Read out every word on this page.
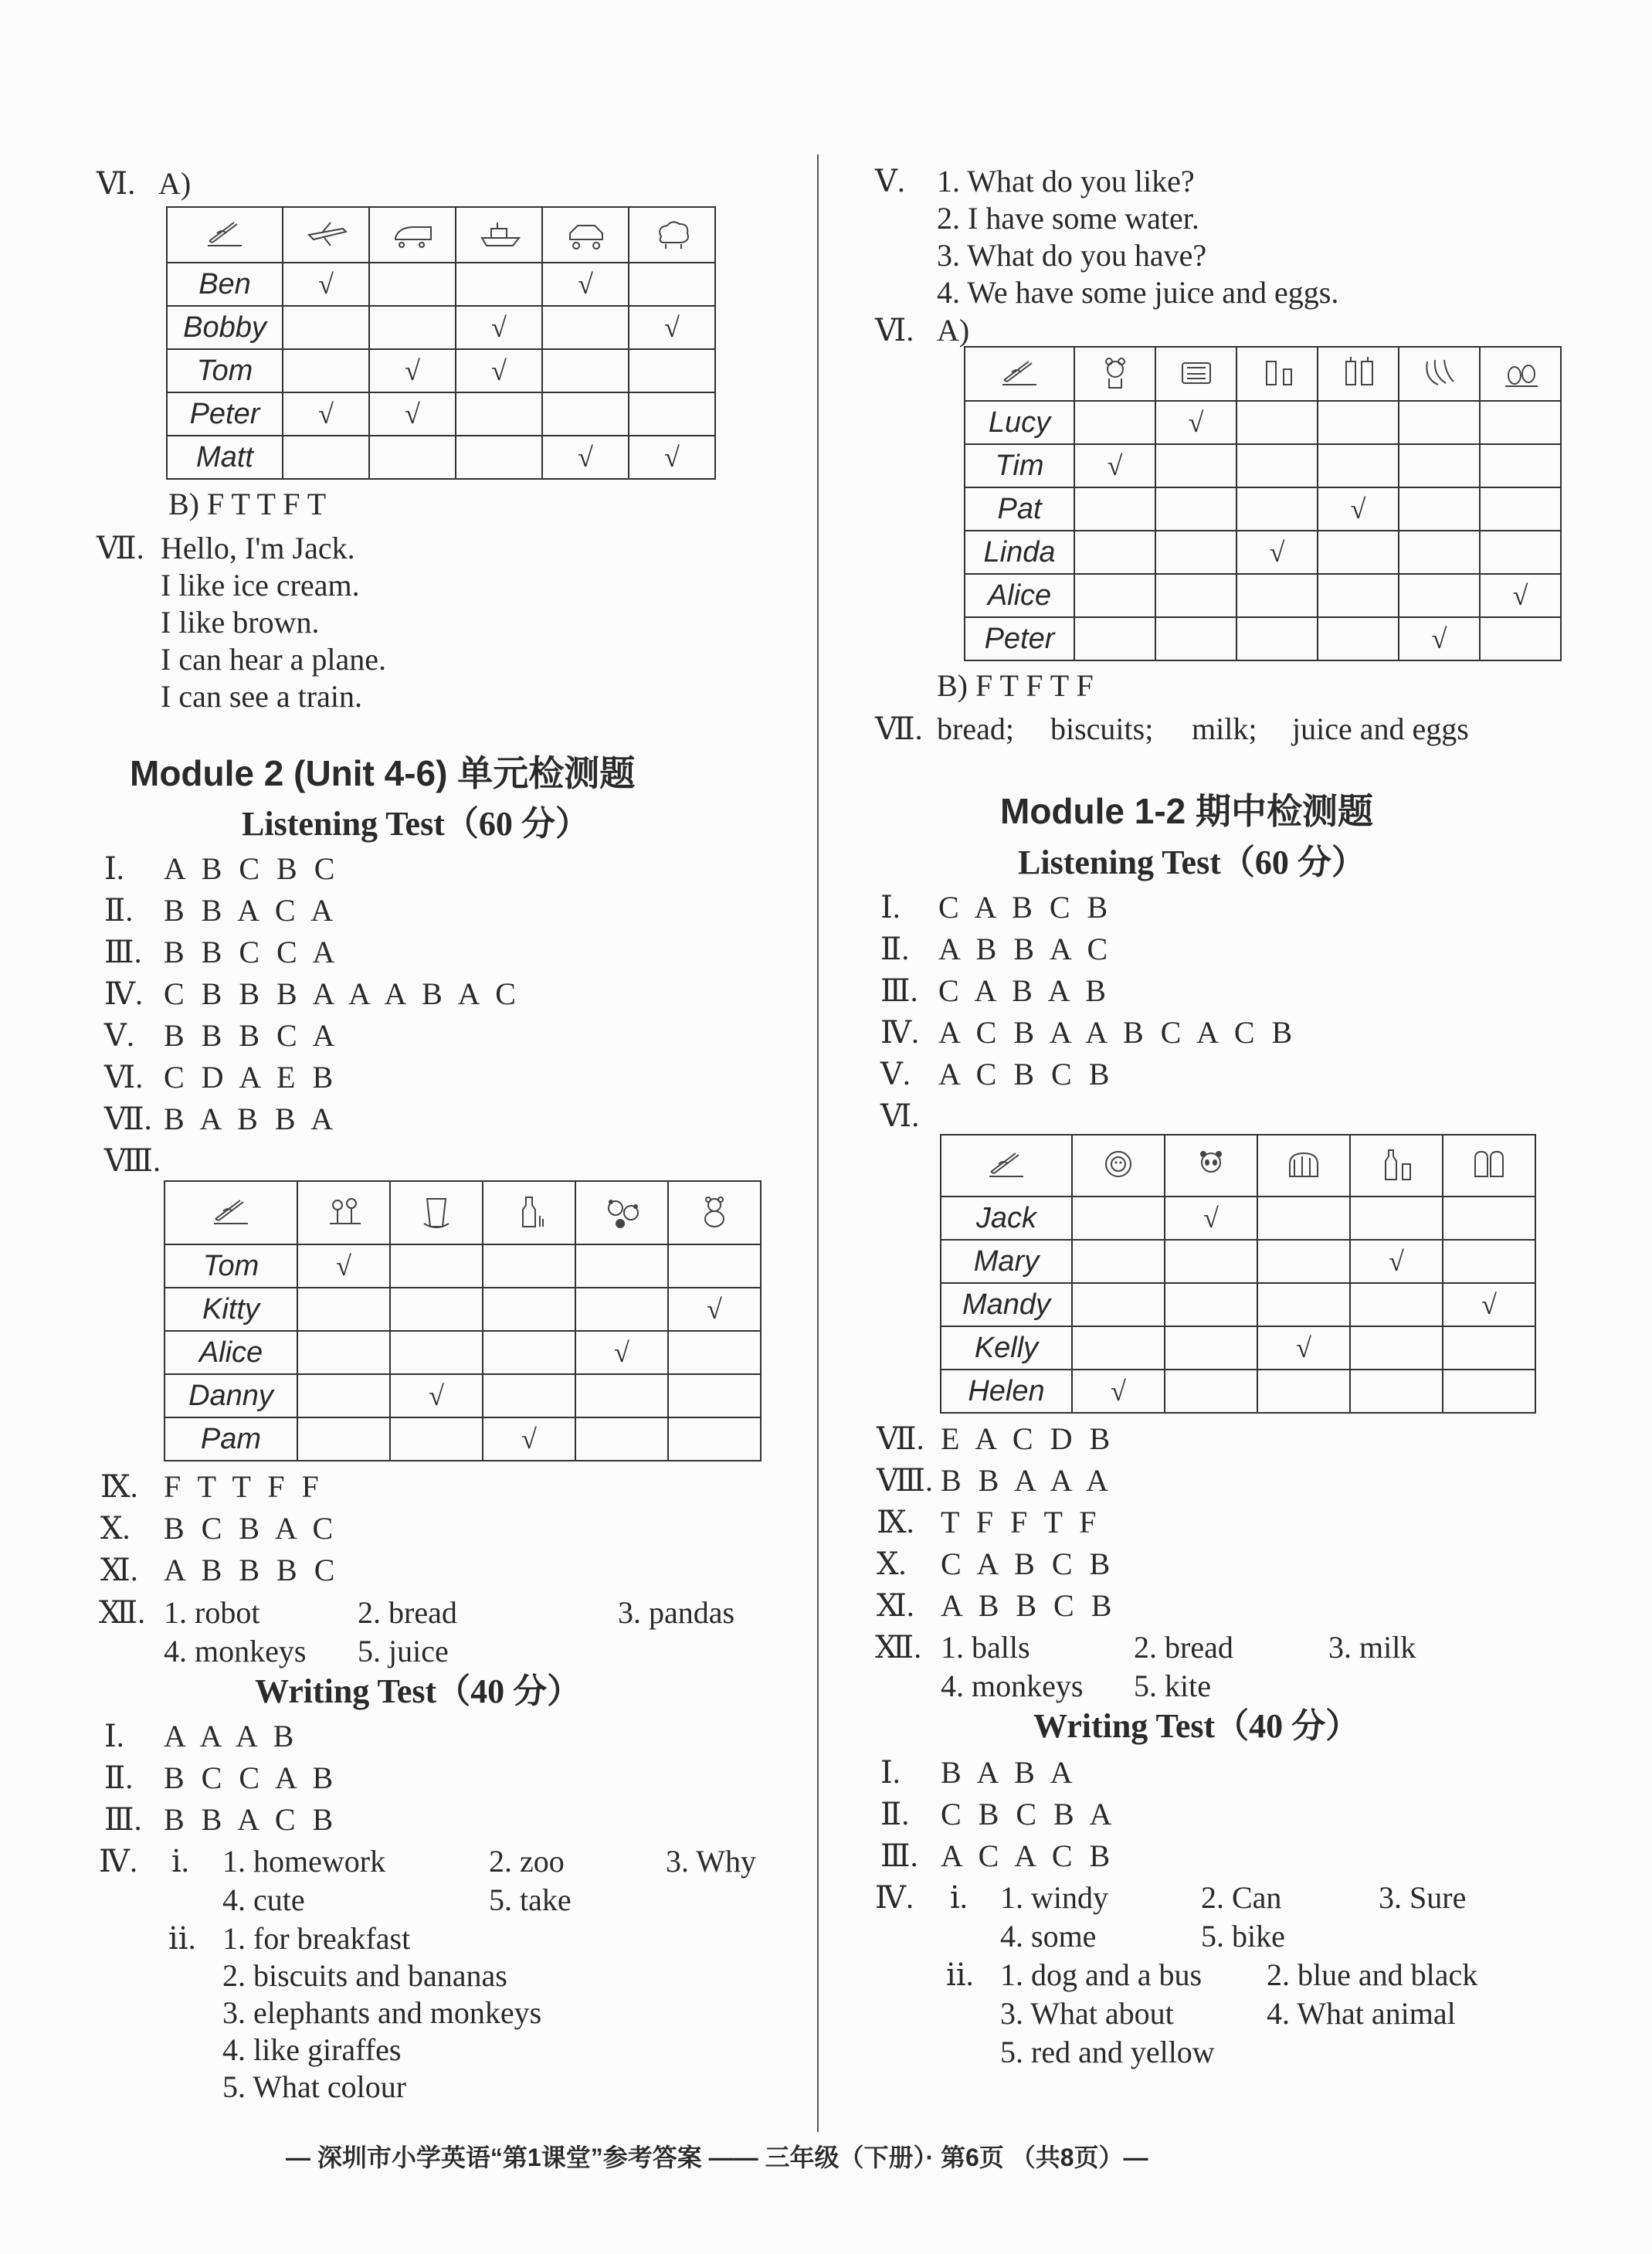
Ⅵ. A)

Ben	√			√	
Bobby			√		√
Tom		√	√		
Peter	√	√			
Matt				√	√
B) F T T F T
Ⅶ. Hello, I'm Jack.
I like ice cream.
I like brown.
I can hear a plane.
I can see a train.
Module 2 (Unit 4-6) 单元检测题
Listening Test（60 分）
Ⅰ. A B C B C
Ⅱ. B B A C A
Ⅲ. B B C C A
Ⅳ. C B B B A A A B A C
Ⅴ. B B B C A
Ⅵ. C D A E B
Ⅶ. B A B B A
Ⅷ.

Tom	√				
Kitty					√
Alice				√	
Danny		√			
Pam			√		
Ⅸ. F T T F F
Ⅹ. B C B A C
Ⅺ. A B B B C
Ⅻ. 1. robot	2. bread	3. pandas
4. monkeys 5. juice
Writing Test（40 分）
Ⅰ. A A A B
Ⅱ. B C C A B
Ⅲ. B B A C B
Ⅳ. ⅰ. 1. homework	2. zoo	3. Why
4. cute	5. take
ⅱ. 1. for breakfast
2. biscuits and bananas
3. elephants and monkeys
4. like giraffes
5. What colour
Ⅴ. 1. What do you like?
2. I have some water.
3. What do you have?
4. We have some juice and eggs.
Ⅵ. A)

Lucy		√				
Tim	√					
Pat				√		
Linda			√			
Alice						√
Peter					√	
B) F T F T F
Ⅶ. bread; biscuits; milk; juice and eggs
Module 1-2 期中检测题
Listening Test（60 分）
Ⅰ. C A B C B
Ⅱ. A B B A C
Ⅲ. C A B A B
Ⅳ. A C B A A B C A C B
Ⅴ. A C B C B
Ⅵ.

Jack		√			
Mary				√	
Mandy					√
Kelly			√		
Helen	√				
Ⅶ. E A C D B
Ⅷ. B B A A A
Ⅸ. T F F T F
Ⅹ. C A B C B
Ⅺ. A B B C B
Ⅻ. 1. balls	2. bread	3. milk
4. monkeys 5. kite
Writing Test（40 分）
Ⅰ. B A B A
Ⅱ. C B C B A
Ⅲ. A C A C B
Ⅳ. ⅰ. 1. windy	2. Can	3. Sure
4. some	5. bike
ⅱ. 1. dog and a bus 2. blue and black
3. What about	4. What animal
5. red and yellow
— 深圳市小学英语“第1课堂”参考答案 —— 三年级（下册）· 第6页 （共8页）—
